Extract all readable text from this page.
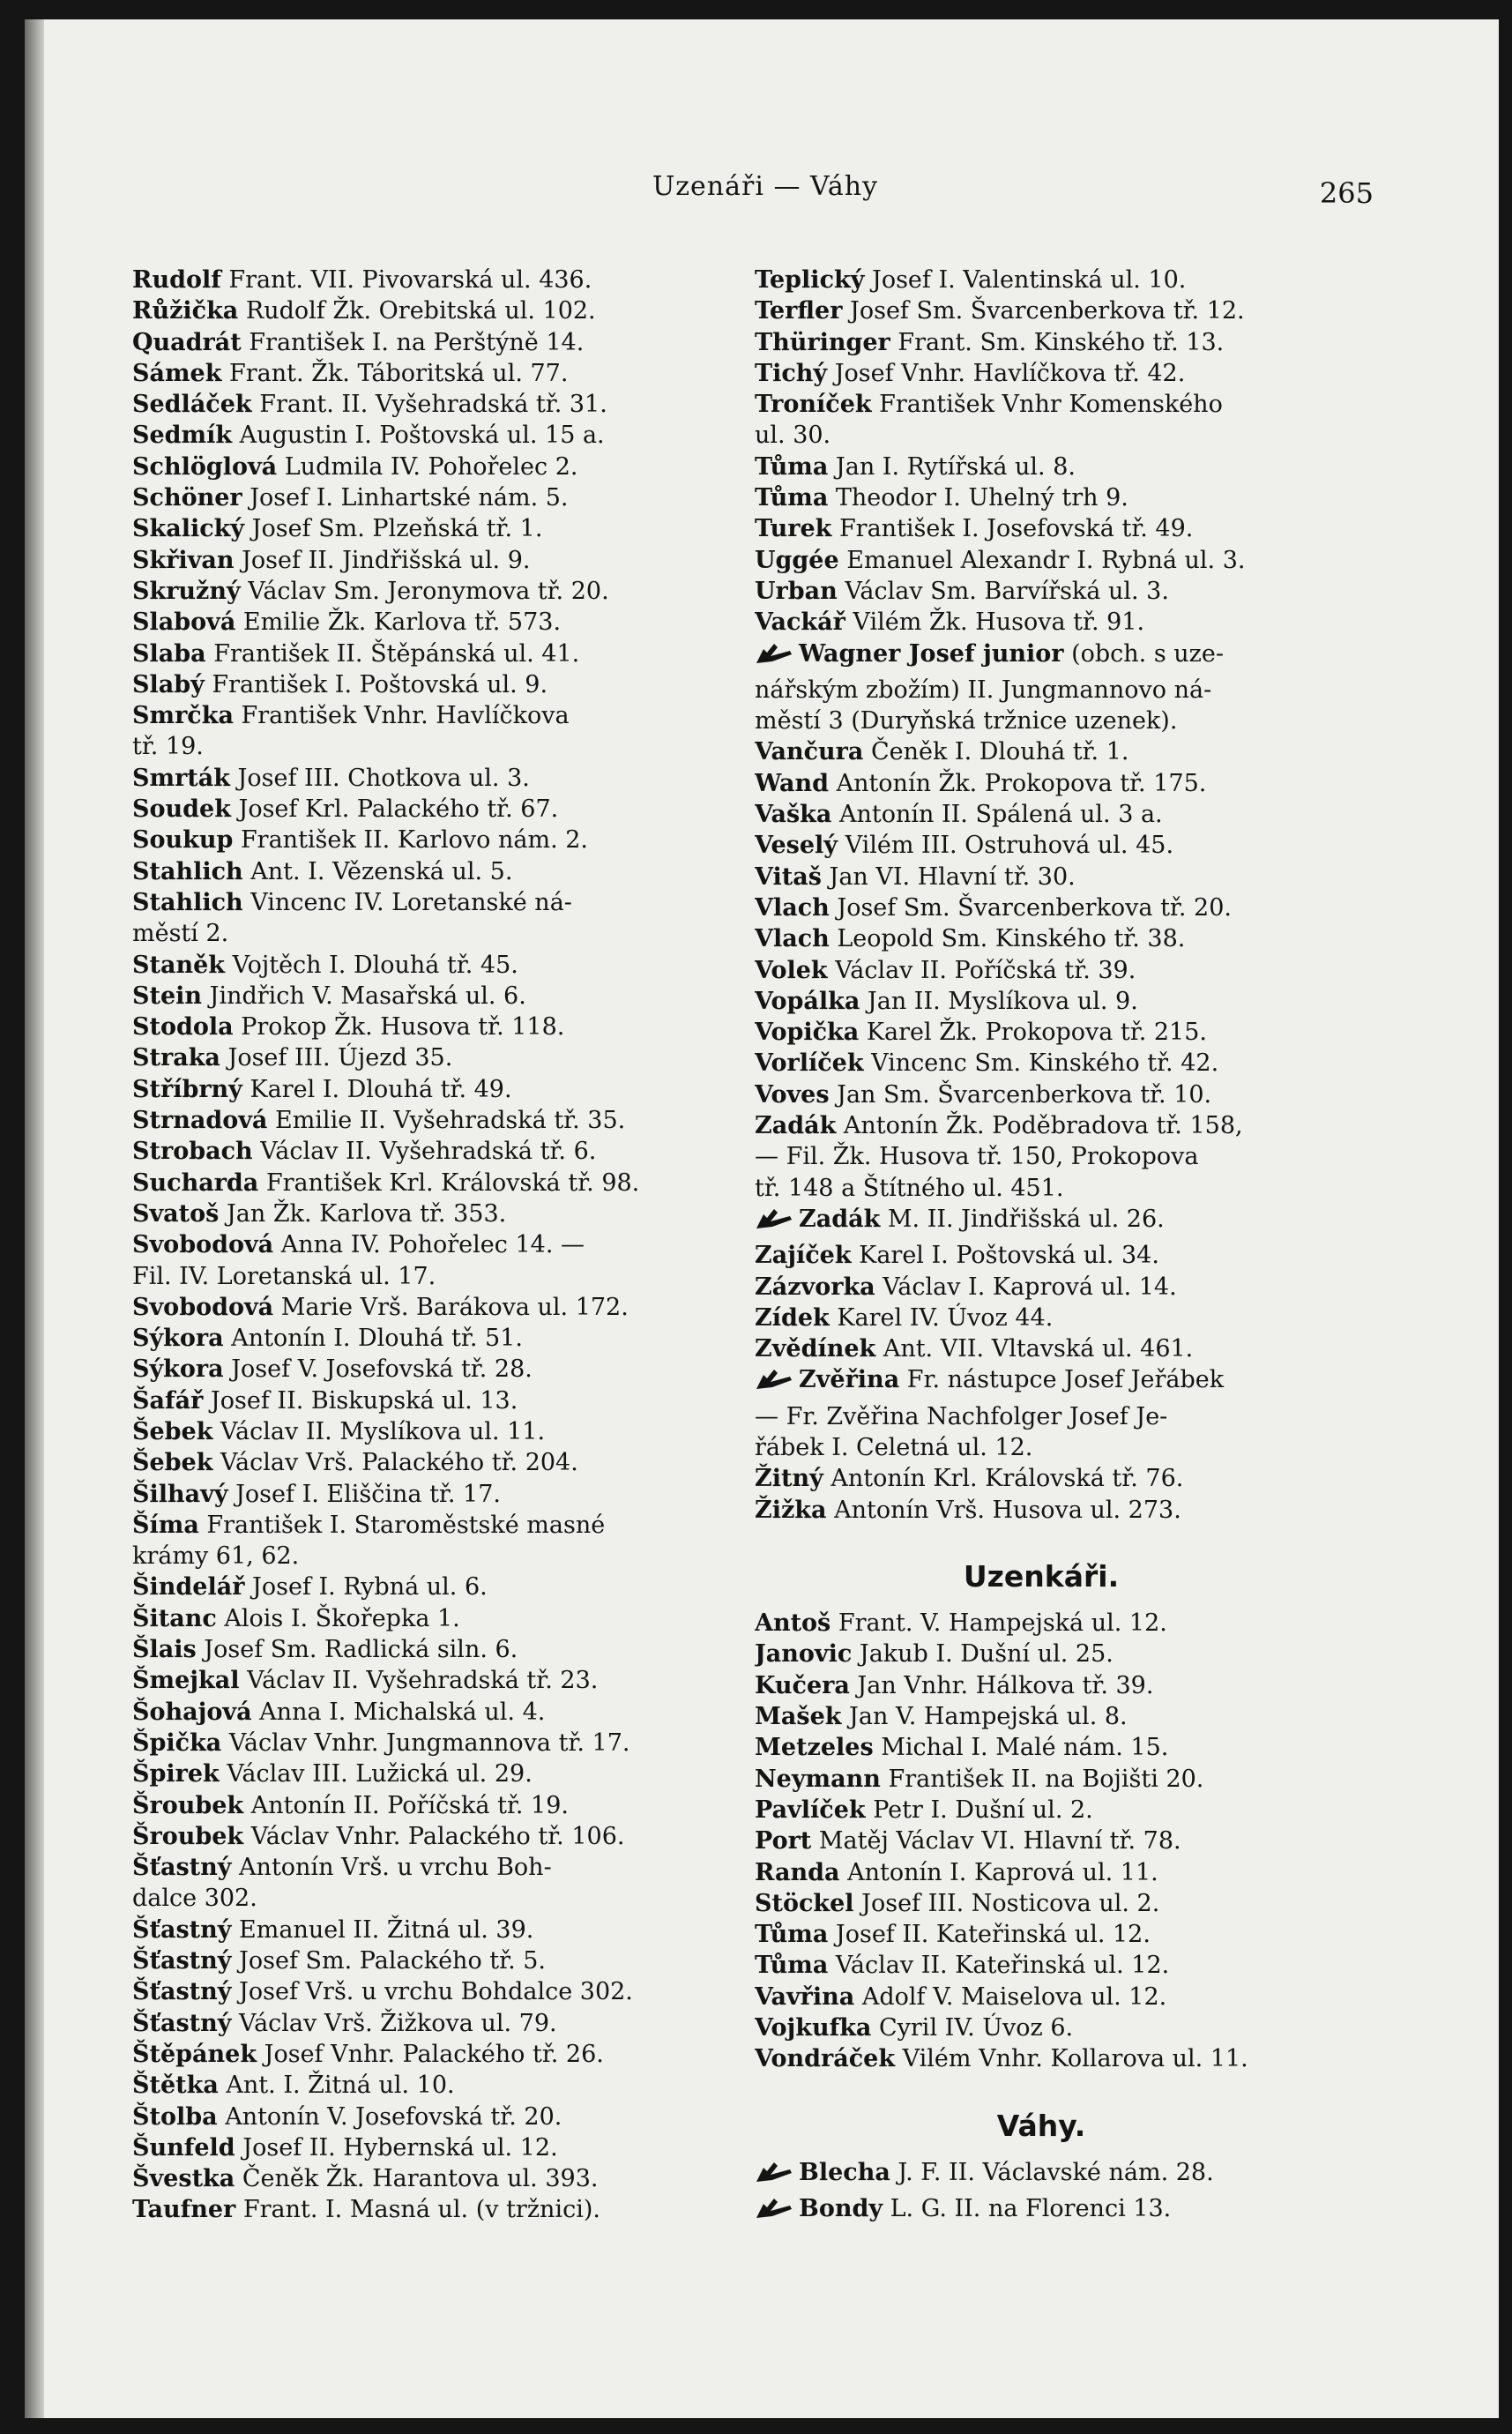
Uzenáři — Váhy	265
Rudolf Frant. VII. Pivovarská ul. 436.
Růžička Rudolf Žk. Orebitská ul. 102.
Quadrát František I. na Perštýně 14.
Sámek Frant. Žk. Táboritská ul. 77.
Sedláček Frant. II. Vyšehradská tř. 31.
Sedmík Augustin I. Poštovská ul. 15 a.
Schlöglová Ludmila IV. Pohořelec 2.
Schöner Josef I. Linhartské nám. 5.
Skalický Josef Sm. Plzeňská tř. 1.
Skřivan Josef II. Jindřišská ul. 9.
Skružný Václav Sm. Jeronymova tř. 20.
Slabová Emilie Žk. Karlova tř. 573.
Slaba František II. Štěpánská ul. 41.
Slabý František I. Poštovská ul. 9.
Smrčka František Vnhr. Havlíčkova
tř. 19.
Smrták Josef III. Chotkova ul. 3.
Soudek Josef Krl. Palackého tř. 67.
Soukup František II. Karlovo nám. 2.
Stahlich Ant. I. Vězenská ul. 5.
Stahlich Vincenc IV. Loretanské ná-
městí 2.
Staněk Vojtěch I. Dlouhá tř. 45.
Stein Jindřich V. Masařská ul. 6.
Stodola Prokop Žk. Husova tř. 118.
Straka Josef III. Újezd 35.
Stříbrný Karel I. Dlouhá tř. 49.
Strnadová Emilie II. Vyšehradská tř. 35.
Strobach Václav II. Vyšehradská tř. 6.
Sucharda František Krl. Královská tř. 98.
Svatoš Jan Žk. Karlova tř. 353.
Svobodová Anna IV. Pohořelec 14. —
Fil. IV. Loretanská ul. 17.
Svobodová Marie Vrš. Barákova ul. 172.
Sýkora Antonín I. Dlouhá tř. 51.
Sýkora Josef V. Josefovská tř. 28.
Šafář Josef II. Biskupská ul. 13.
Šebek Václav II. Myslíkova ul. 11.
Šebek Václav Vrš. Palackého tř. 204.
Šilhavý Josef I. Eliščina tř. 17.
Šíma František I. Staroměstské masné
krámy 61, 62.
Šindelář Josef I. Rybná ul. 6.
Šitanc Alois I. Škořepka 1.
Šlais Josef Sm. Radlická siln. 6.
Šmejkal Václav II. Vyšehradská tř. 23.
Šohajová Anna I. Michalská ul. 4.
Špička Václav Vnhr. Jungmannova tř. 17.
Špirek Václav III. Lužická ul. 29.
Šroubek Antonín II. Poříčská tř. 19.
Šroubek Václav Vnhr. Palackého tř. 106.
Šťastný Antonín Vrš. u vrchu Boh-
dalce 302.
Šťastný Emanuel II. Žitná ul. 39.
Šťastný Josef Sm. Palackého tř. 5.
Šťastný Josef Vrš. u vrchu Bohdalce 302.
Šťastný Václav Vrš. Žižkova ul. 79.
Štěpánek Josef Vnhr. Palackého tř. 26.
Štětka Ant. I. Žitná ul. 10.
Štolba Antonín V. Josefovská tř. 20.
Šunfeld Josef II. Hybernská ul. 12.
Švestka Čeněk Žk. Harantova ul. 393.
Taufner Frant. I. Masná ul. (v tržnici).
Teplický Josef I. Valentinská ul. 10.
Terfler Josef Sm. Švarcenberkova tř. 12.
Thüringer Frant. Sm. Kinského tř. 13.
Tichý Josef Vnhr. Havlíčkova tř. 42.
Troníček František Vnhr Komenského
ul. 30.
Tůma Jan I. Rytířská ul. 8.
Tůma Theodor I. Uhelný trh 9.
Turek František I. Josefovská tř. 49.
Uggée Emanuel Alexandr I. Rybná ul. 3.
Urban Václav Sm. Barvířská ul. 3.
Vackář Vilém Žk. Husova tř. 91.
Wagner Josef junior (obch. s uze-
nářským zbožím) II. Jungmannovo ná-
městí 3 (Duryňská tržnice uzenek).
Vančura Čeněk I. Dlouhá tř. 1.
Wand Antonín Žk. Prokopova tř. 175.
Vaška Antonín II. Spálená ul. 3 a.
Veselý Vilém III. Ostruhová ul. 45.
Vitaš Jan VI. Hlavní tř. 30.
Vlach Josef Sm. Švarcenberkova tř. 20.
Vlach Leopold Sm. Kinského tř. 38.
Volek Václav II. Poříčská tř. 39.
Vopálka Jan II. Myslíkova ul. 9.
Vopička Karel Žk. Prokopova tř. 215.
Vorlíček Vincenc Sm. Kinského tř. 42.
Voves Jan Sm. Švarcenberkova tř. 10.
Zadák Antonín Žk. Poděbradova tř. 158,
— Fil. Žk. Husova tř. 150, Prokopova
tř. 148 a Štítného ul. 451.
Zadák M. II. Jindřišská ul. 26.
Zajíček Karel I. Poštovská ul. 34.
Zázvorka Václav I. Kaprová ul. 14.
Zídek Karel IV. Úvoz 44.
Zvědínek Ant. VII. Vltavská ul. 461.
Zvěřina Fr. nástupce Josef Jeřábek
— Fr. Zvěřina Nachfolger Josef Je-
řábek I. Celetná ul. 12.
Žitný Antonín Krl. Královská tř. 76.
Žižka Antonín Vrš. Husova ul. 273.
Uzenkáři.
Antoš Frant. V. Hampejská ul. 12.
Janovic Jakub I. Dušní ul. 25.
Kučera Jan Vnhr. Hálkova tř. 39.
Mašek Jan V. Hampejská ul. 8.
Metzeles Michal I. Malé nám. 15.
Neymann František II. na Bojišti 20.
Pavlíček Petr I. Dušní ul. 2.
Port Matěj Václav VI. Hlavní tř. 78.
Randa Antonín I. Kaprová ul. 11.
Stöckel Josef III. Nosticova ul. 2.
Tůma Josef II. Kateřinská ul. 12.
Tůma Václav II. Kateřinská ul. 12.
Vavřina Adolf V. Maiselova ul. 12.
Vojkufka Cyril IV. Úvoz 6.
Vondráček Vilém Vnhr. Kollarova ul. 11.
Váhy.
Blecha J. F. II. Václavské nám. 28.
Bondy L. G. II. na Florenci 13.
